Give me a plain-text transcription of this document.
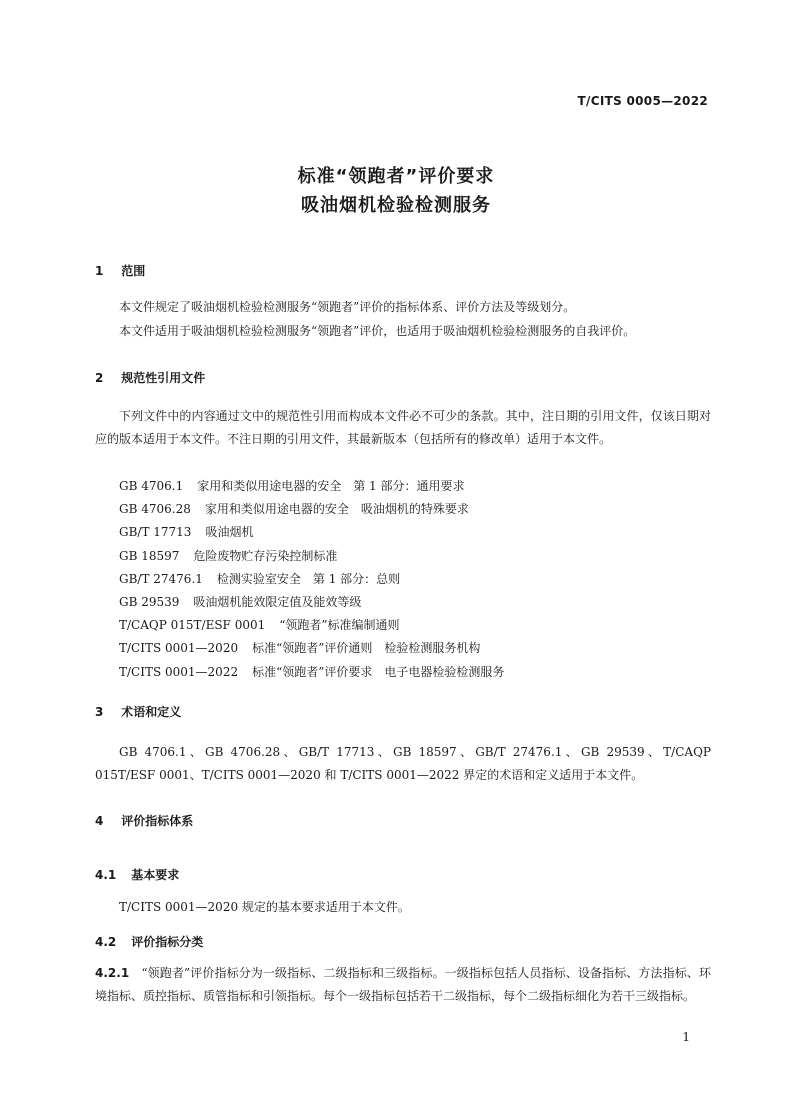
T/CITS 0005—2022
标准“领跑者”评价要求
吸油烟机检验检测服务
1 范围
本文件规定了吸油烟机检验检测服务“领跑者”评价的指标体系、评价方法及等级划分。
本文件适用于吸油烟机检验检测服务“领跑者”评价，也适用于吸油烟机检验检测服务的自我评价。
2 规范性引用文件
下列文件中的内容通过文中的规范性引用而构成本文件必不可少的条款。其中，注日期的引用文件，仅该日期对应的版本适用于本文件。不注日期的引用文件，其最新版本（包括所有的修改单）适用于本文件。
GB 4706.1 家用和类似用途电器的安全　第 1 部分：通用要求
GB 4706.28 家用和类似用途电器的安全　吸油烟机的特殊要求
GB/T 17713 吸油烟机
GB 18597 危险废物贮存污染控制标准
GB/T 27476.1 检测实验室安全　第 1 部分：总则
GB 29539 吸油烟机能效限定值及能效等级
T/CAQP 015T/ESF 0001 “领跑者”标准编制通则
T/CITS 0001—2020 标准“领跑者”评价通则　检验检测服务机构
T/CITS 0001—2022 标准“领跑者”评价要求　电子电器检验检测服务
3 术语和定义
GB 4706.1、GB 4706.28、GB/T 17713、GB 18597、GB/T 27476.1、GB 29539、T/CAQP 015T/ESF 0001、T/CITS 0001—2020 和 T/CITS 0001—2022 界定的术语和定义适用于本文件。
4 评价指标体系
4.1 基本要求
T/CITS 0001—2020 规定的基本要求适用于本文件。
4.2 评价指标分类
4.2.1　 “领跑者”评价指标分为一级指标、二级指标和三级指标。一级指标包括人员指标、设备指标、方法指标、环境指标、质控指标、质管指标和引领指标。每个一级指标包括若干二级指标，每个二级指标细化为若干三级指标。
1
